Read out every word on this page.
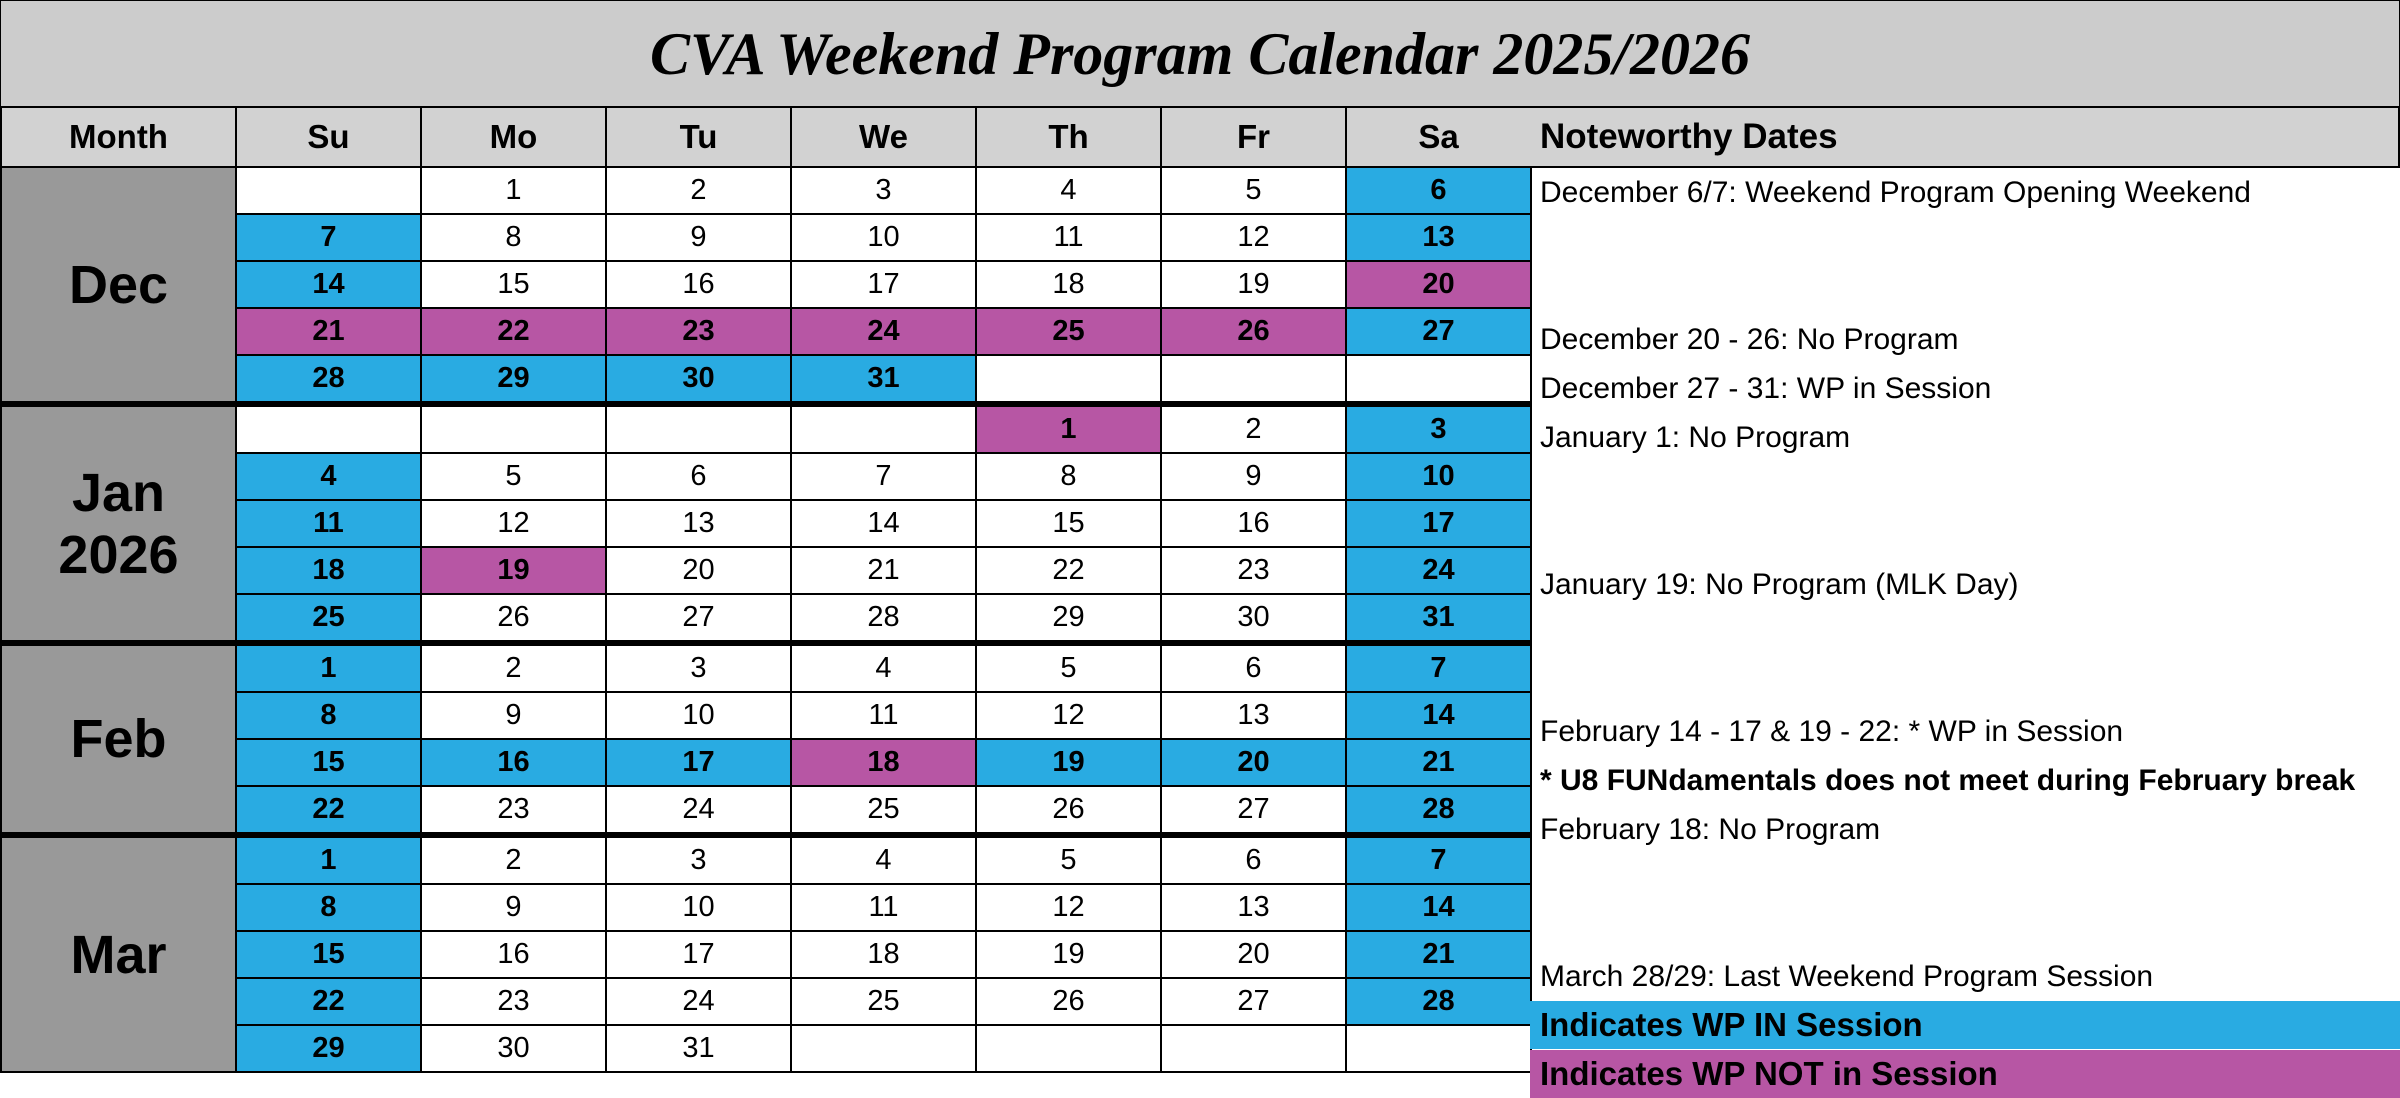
CVA Weekend Program Calendar 2025/2026
Month	Su	Mo	Tu	We	Th	Fr	Sa
Dec		1	2	3	4	5	6
	7	8	9	10	11	12	13
	14	15	16	17	18	19	20
	21	22	23	24	25	26	27
	28	29	30	31			
Jan 2026					1	2	3
	4	5	6	7	8	9	10
	11	12	13	14	15	16	17
	18	19	20	21	22	23	24
	25	26	27	28	29	30	31
Feb	1	2	3	4	5	6	7
	8	9	10	11	12	13	14
	15	16	17	18	19	20	21
	22	23	24	25	26	27	28
Mar	1	2	3	4	5	6	7
	8	9	10	11	12	13	14
	15	16	17	18	19	20	21
	22	23	24	25	26	27	28
	29	30	31				
Noteworthy Dates
December 6/7: Weekend Program Opening Weekend
December 20 - 26: No Program
December 27 - 31: WP in Session
January 1: No Program
January 19: No Program (MLK Day)
February 14 - 17 & 19 - 22: * WP in Session
* U8 FUNdamentals does not meet during February break
February 18: No Program
March 28/29: Last Weekend Program Session
Indicates WP IN Session
Indicates WP NOT in Session
